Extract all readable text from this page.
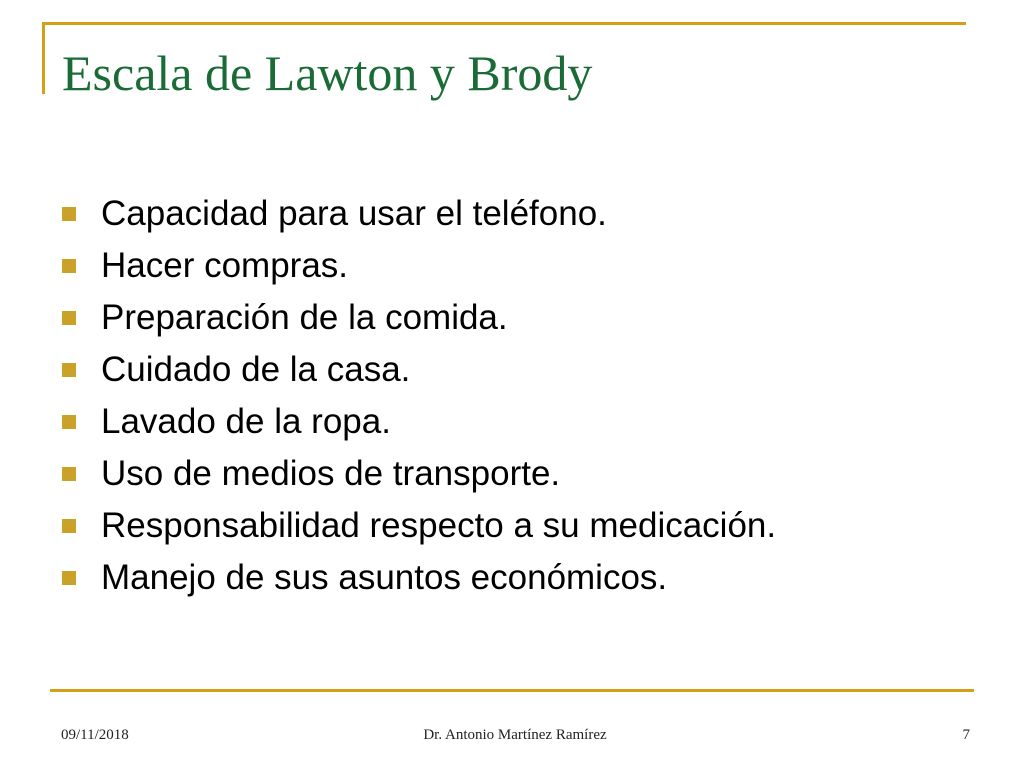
Escala de Lawton y Brody
Capacidad para usar el teléfono.
Hacer compras.
Preparación de la comida.
Cuidado de la casa.
Lavado de la ropa.
Uso de medios de transporte.
Responsabilidad respecto a su medicación.
Manejo de sus asuntos económicos.
09/11/2018	Dr. Antonio Martínez Ramírez	7
